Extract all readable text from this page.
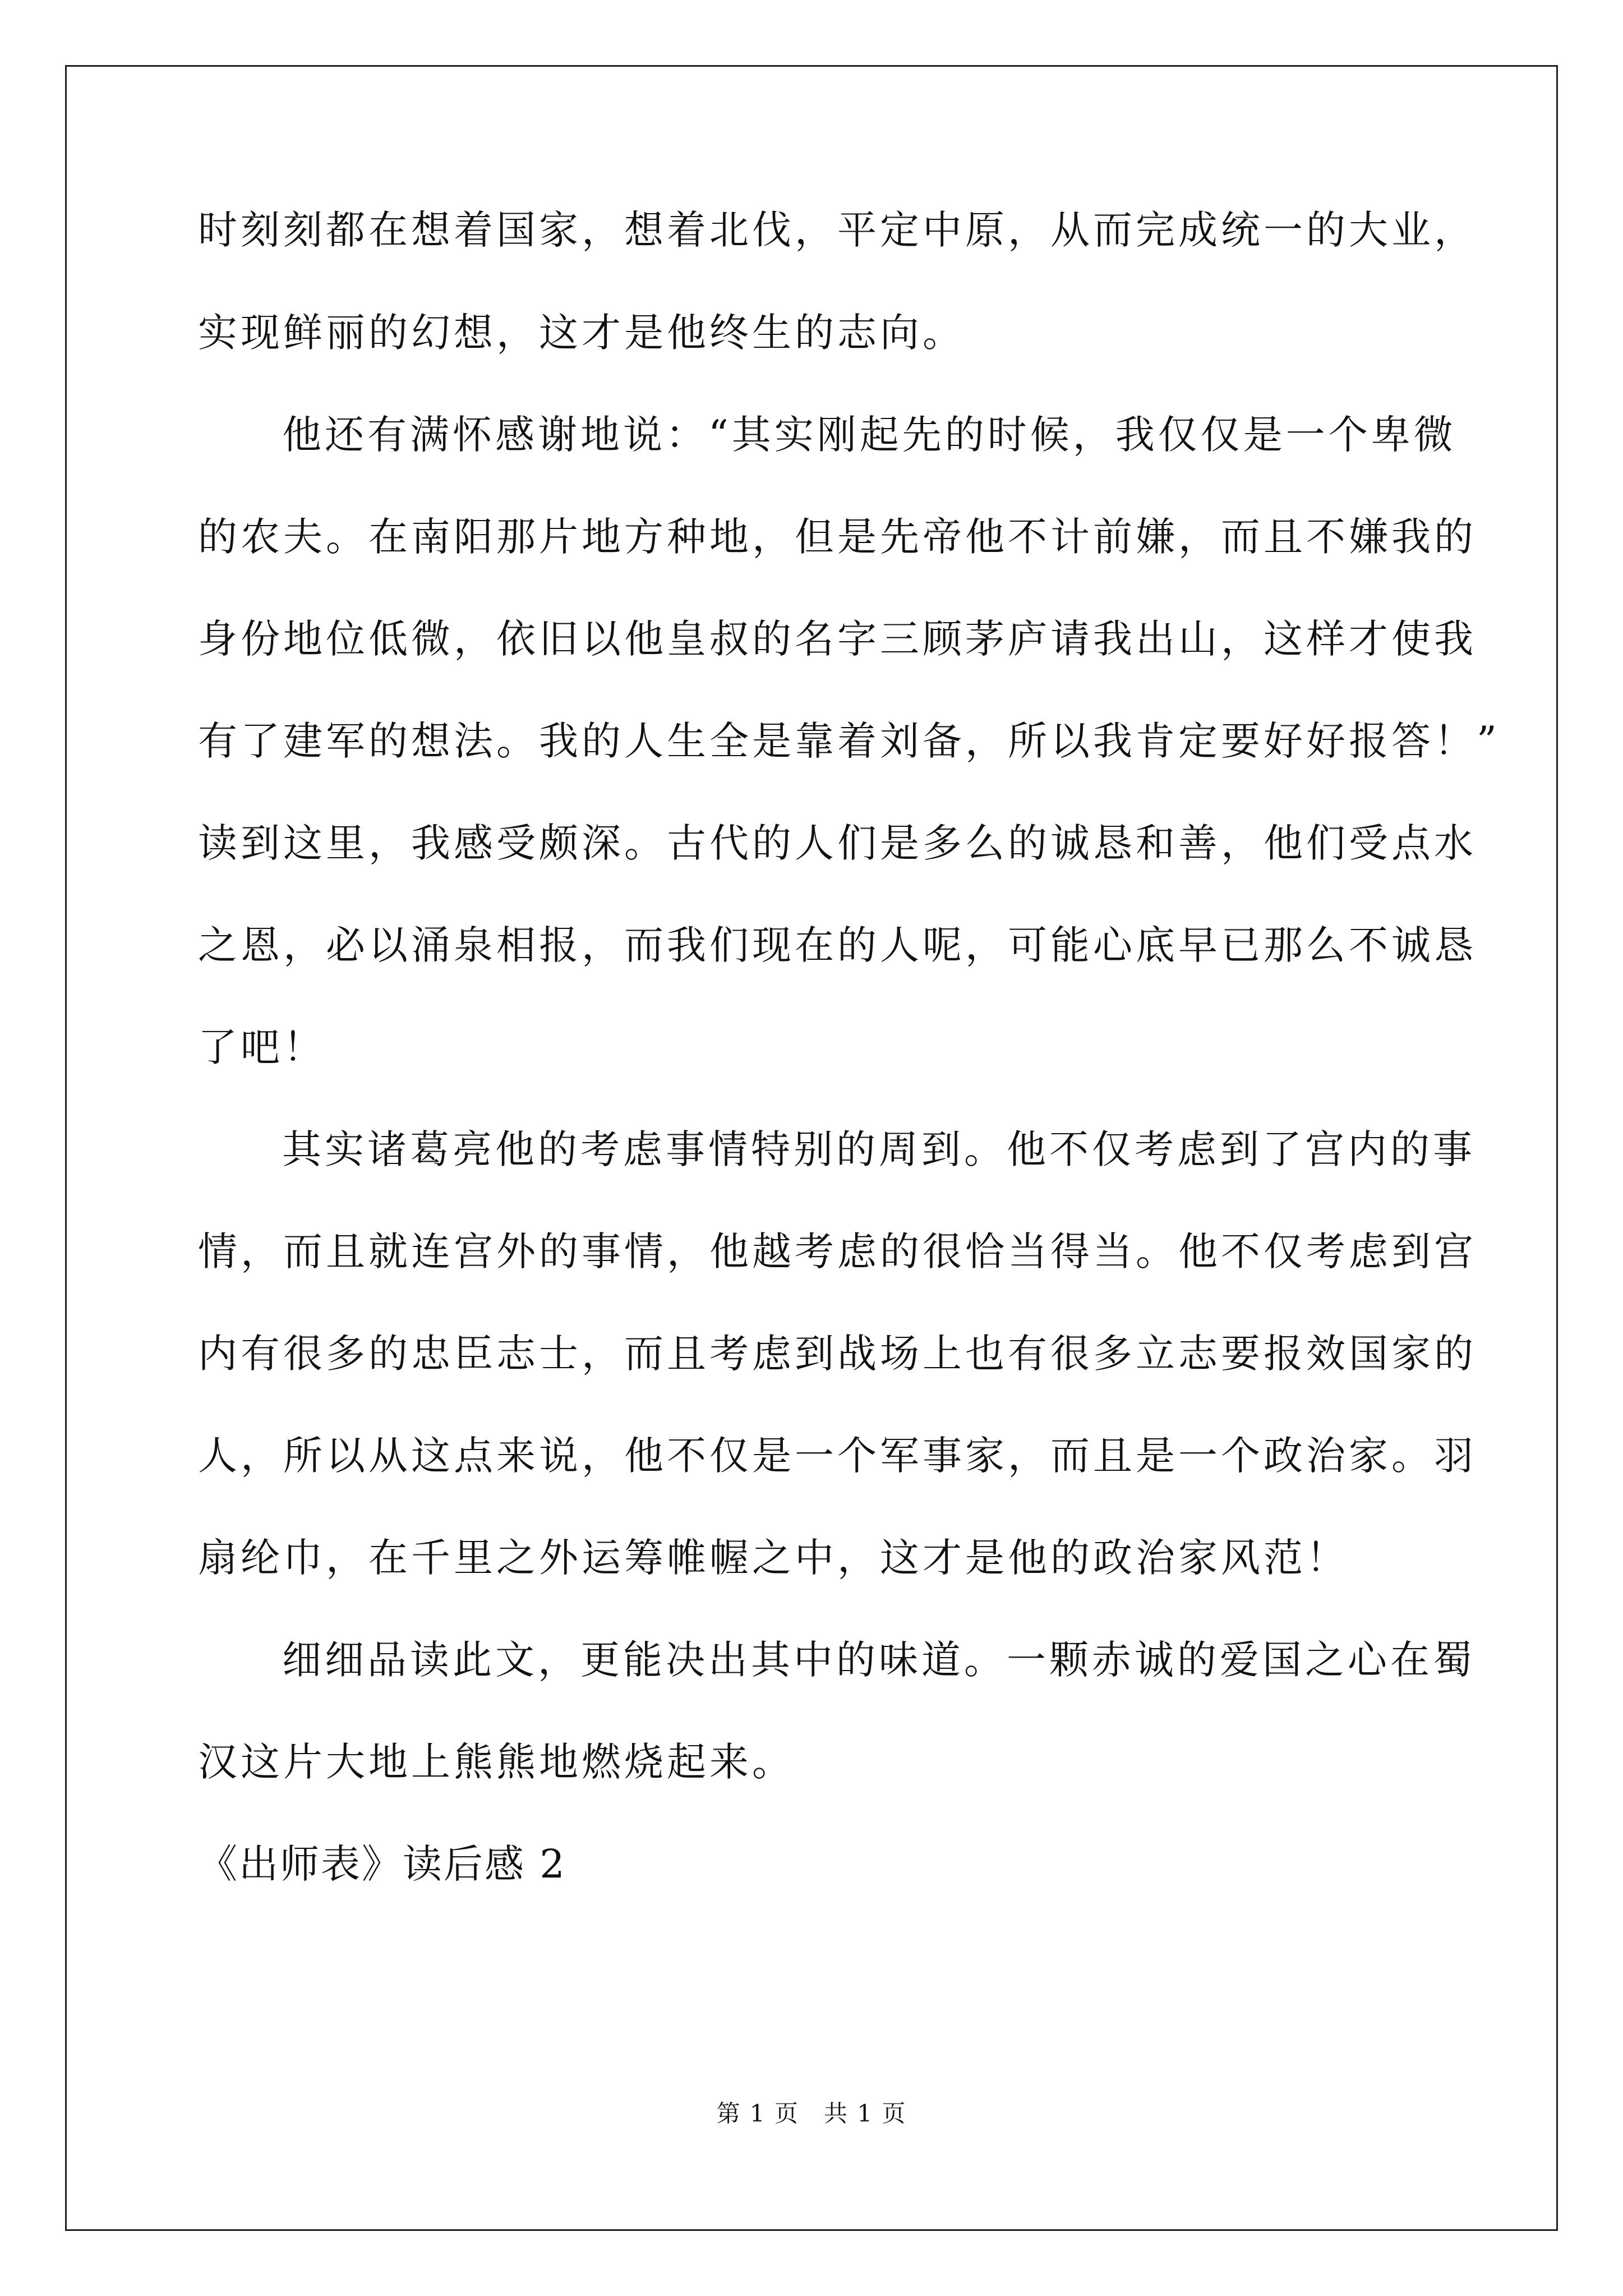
时刻刻都在想着国家，想着北伐，平定中原，从而完成统一的大业，
实现鲜丽的幻想，这才是他终生的志向。
他还有满怀感谢地说：“其实刚起先的时候，我仅仅是一个卑微
的农夫。在南阳那片地方种地，但是先帝他不计前嫌，而且不嫌我的
身份地位低微，依旧以他皇叔的名字三顾茅庐请我出山，这样才使我
有了建军的想法。我的人生全是靠着刘备，所以我肯定要好好报答！”
读到这里，我感受颇深。古代的人们是多么的诚恳和善，他们受点水
之恩，必以涌泉相报，而我们现在的人呢，可能心底早已那么不诚恳
了吧！
其实诸葛亮他的考虑事情特别的周到。他不仅考虑到了宫内的事
情，而且就连宫外的事情，他越考虑的很恰当得当。他不仅考虑到宫
内有很多的忠臣志士，而且考虑到战场上也有很多立志要报效国家的
人，所以从这点来说，他不仅是一个军事家，而且是一个政治家。羽
扇纶巾，在千里之外运筹帷幄之中，这才是他的政治家风范！
细细品读此文，更能决出其中的味道。一颗赤诚的爱国之心在蜀
汉这片大地上熊熊地燃烧起来。
《出师表》读后感 2
第 1 页　共 1 页
